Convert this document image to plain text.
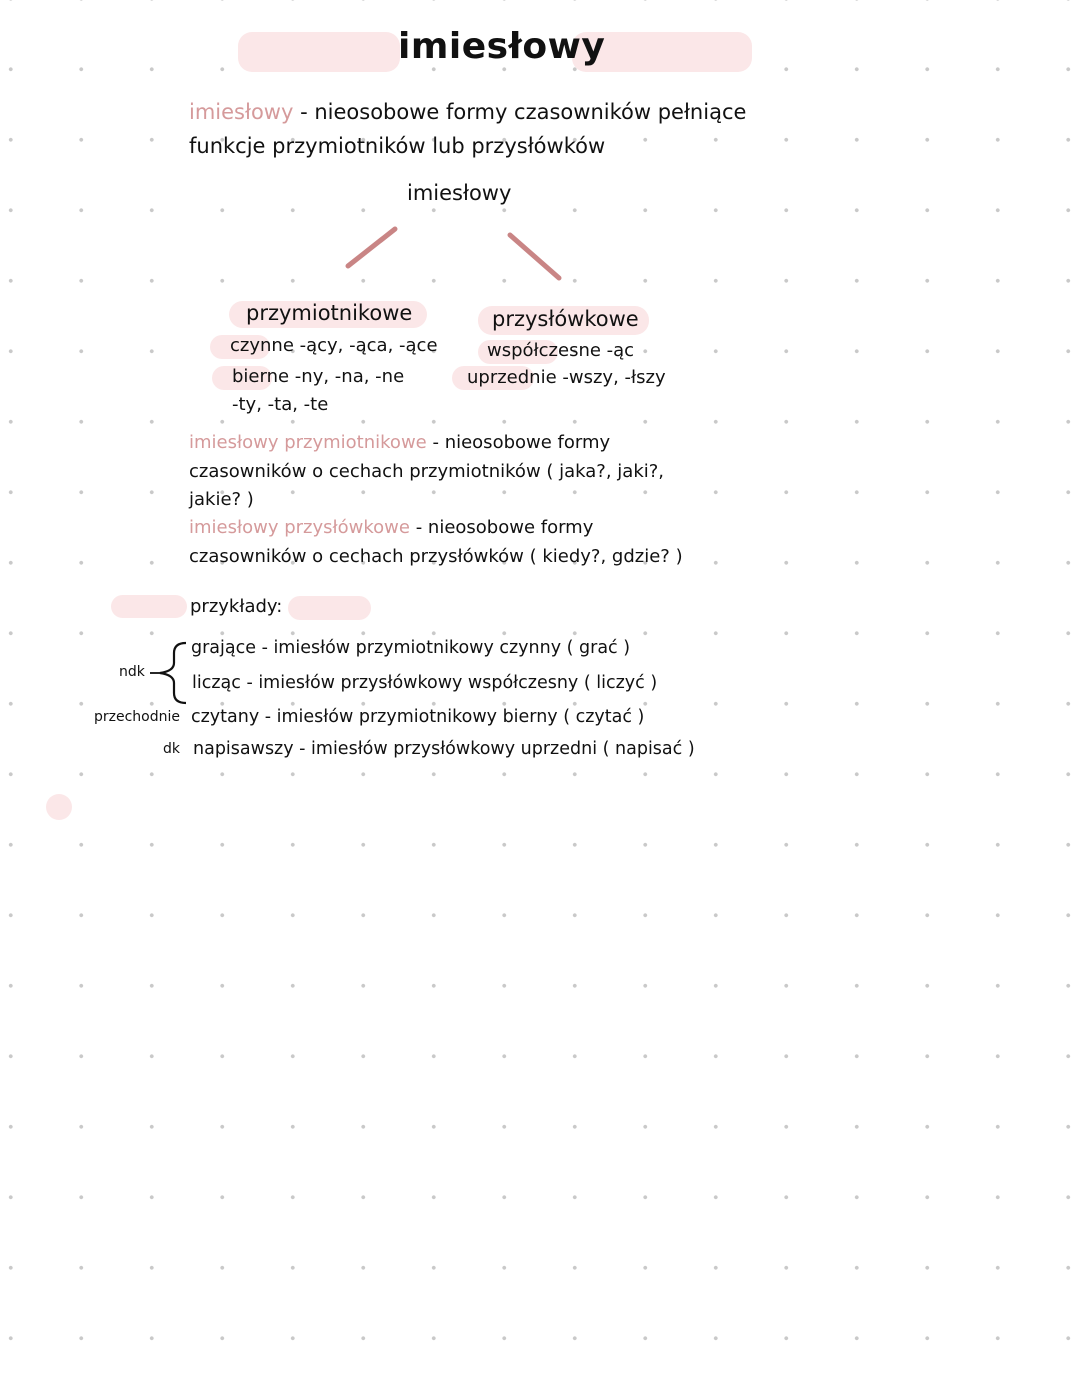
imiesłowy
imiesłowy - nieosobowe formy czasowników pełniące
funkcje przymiotników lub przysłówków
imiesłowy
przymiotnikowe
czynne -ący, -ąca, -ące
bierne -ny, -na, -ne
-ty, -ta, -te
przysłówkowe
współczesne -ąc
uprzednie -wszy, -łszy
imiesłowy przymiotnikowe - nieosobowe formy
czasowników o cechach przymiotników ( jaka?, jaki?,
jakie? )
imiesłowy przysłówkowe - nieosobowe formy
czasowników o cechach przysłówków ( kiedy?, gdzie? )
przykłady:
ndk
przechodnie
dk
grające - imiesłów przymiotnikowy czynny ( grać )
licząc - imiesłów przysłówkowy współczesny ( liczyć )
czytany - imiesłów przymiotnikowy bierny ( czytać )
napisawszy - imiesłów przysłówkowy uprzedni ( napisać )
